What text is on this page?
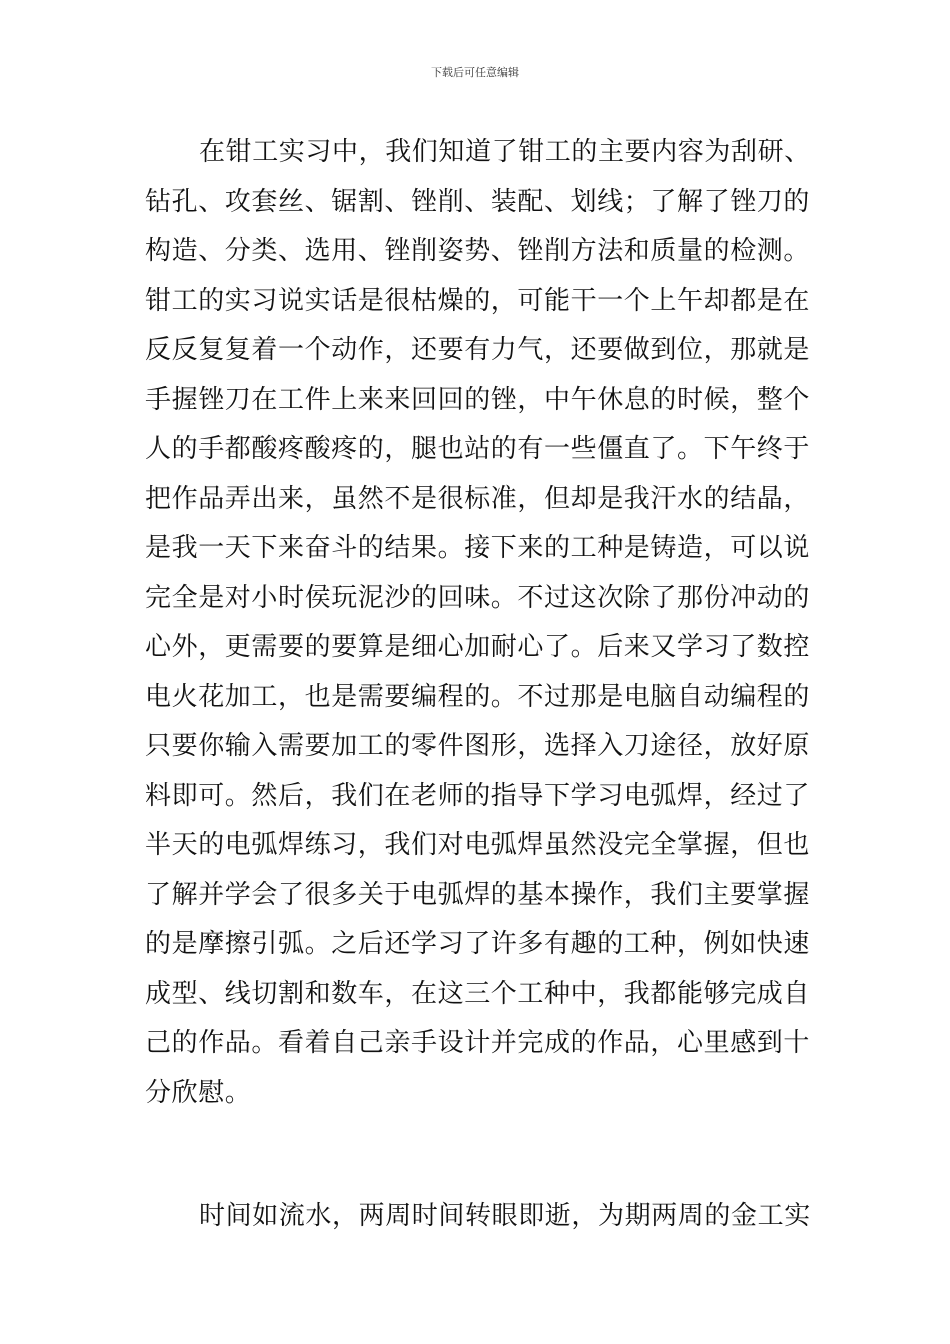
下载后可任意编辑
在钳工实习中，我们知道了钳工的主要内容为刮研、
钻孔、攻套丝、锯割、锉削、装配、划线；了解了锉刀的
构造、分类、选用、锉削姿势、锉削方法和质量的检测。
钳工的实习说实话是很枯燥的，可能干一个上午却都是在
反反复复着一个动作，还要有力气，还要做到位，那就是
手握锉刀在工件上来来回回的锉，中午休息的时候，整个
人的手都酸疼酸疼的，腿也站的有一些僵直了。下午终于
把作品弄出来，虽然不是很标准，但却是我汗水的结晶，
是我一天下来奋斗的结果。接下来的工种是铸造，可以说
完全是对小时侯玩泥沙的回味。不过这次除了那份冲动的
心外，更需要的要算是细心加耐心了。后来又学习了数控
电火花加工，也是需要编程的。不过那是电脑自动编程的
只要你输入需要加工的零件图形，选择入刀途径，放好原
料即可。然后，我们在老师的指导下学习电弧焊，经过了
半天的电弧焊练习，我们对电弧焊虽然没完全掌握，但也
了解并学会了很多关于电弧焊的基本操作，我们主要掌握
的是摩擦引弧。之后还学习了许多有趣的工种，例如快速
成型、线切割和数车，在这三个工种中，我都能够完成自
己的作品。看着自己亲手设计并完成的作品，心里感到十
分欣慰。
时间如流水，两周时间转眼即逝，为期两周的金工实
